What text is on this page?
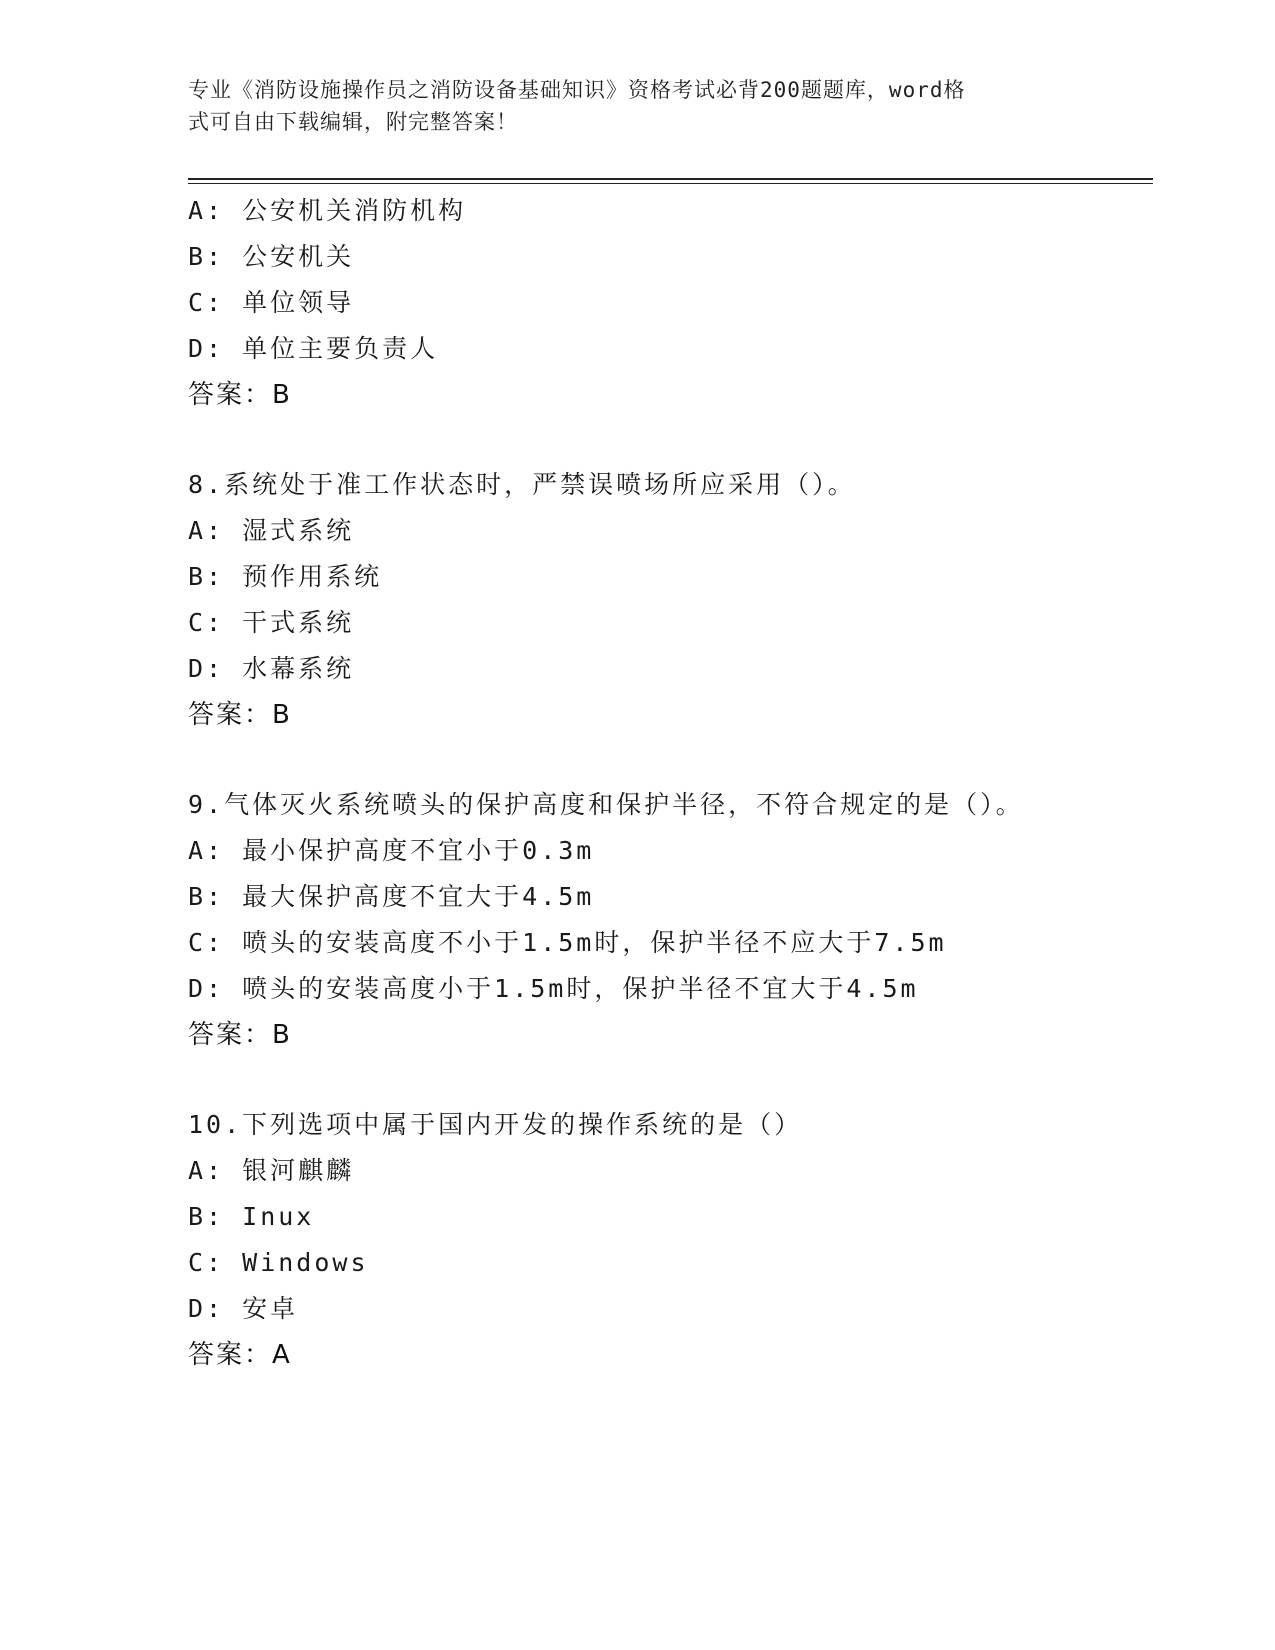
专业《消防设施操作员之消防设备基础知识》资格考试必背200题题库，word格
式可自由下载编辑，附完整答案！
A: 公安机关消防机构
B: 公安机关
C: 单位领导
D: 单位主要负责人
答案：B
8.系统处于准工作状态时，严禁误喷场所应采用（）。
A: 湿式系统
B: 预作用系统
C: 干式系统
D: 水幕系统
答案：B
9.气体灭火系统喷头的保护高度和保护半径，不符合规定的是（）。
A: 最小保护高度不宜小于0.3m
B: 最大保护高度不宜大于4.5m
C: 喷头的安装高度不小于1.5m时，保护半径不应大于7.5m
D: 喷头的安装高度小于1.5m时，保护半径不宜大于4.5m
答案：B
10.下列选项中属于国内开发的操作系统的是（）
A: 银河麒麟
B: Inux
C: Windows
D: 安卓
答案：A
